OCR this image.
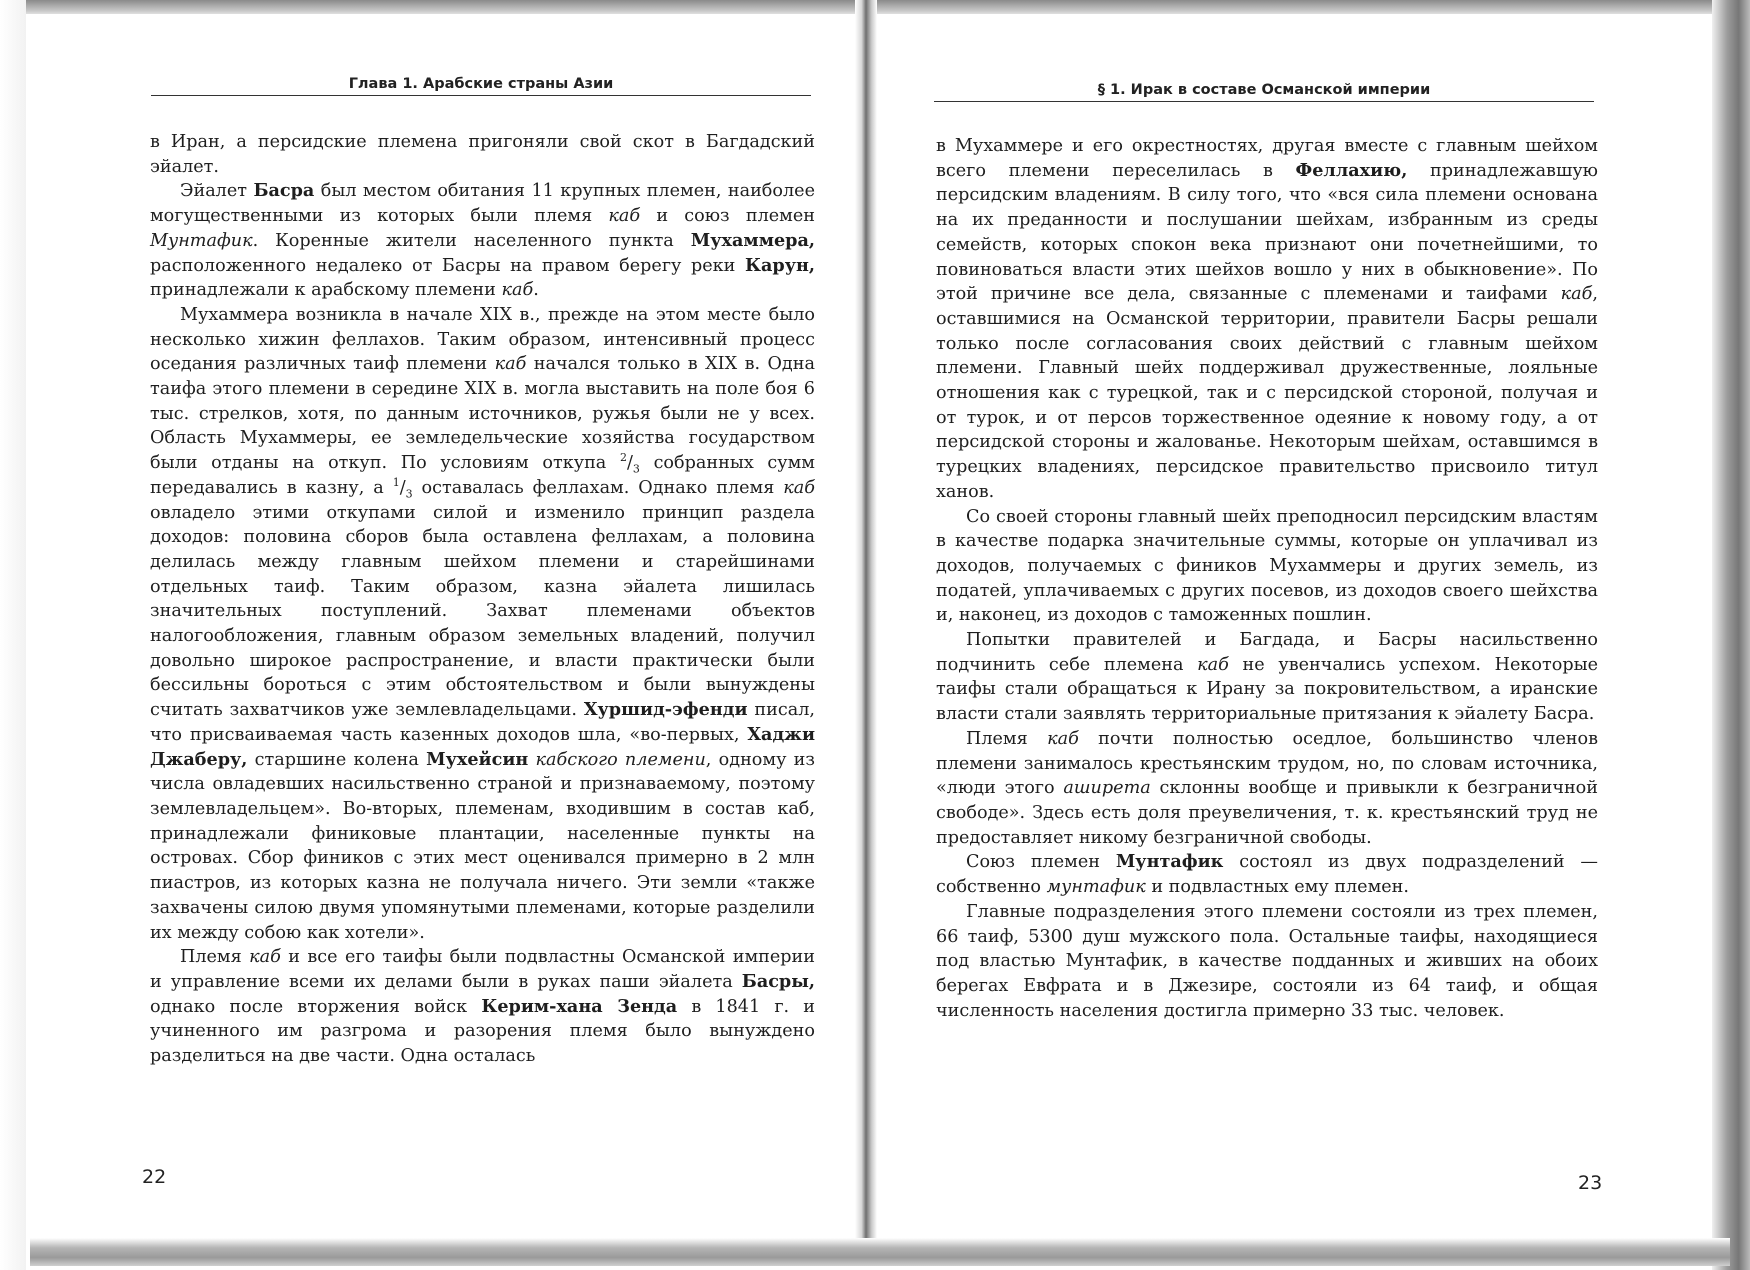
Глава 1. Арабские страны Азии

в Иран, а персидские племена пригоняли свой скот в Багдадский эйалет.

Эйалет Басра был местом обитания 11 крупных племен, наиболее могущественными из которых были племя каб и союз племен Мунтафик. Коренные жители населенного пункта Мухаммера, расположенного недалеко от Басры на правом берегу реки Карун, принадлежали к арабскому племени каб.

Мухаммера возникла в начале XIX в., прежде на этом месте было несколько хижин феллахов. Таким образом, интенсивный процесс оседания различных таиф племени каб начался только в XIX в. Одна таифа этого племени в середине XIX в. могла выставить на поле боя 6 тыс. стрелков, хотя, по данным источников, ружья были не у всех. Область Мухаммеры, ее земледельческие хозяйства государством были отданы на откуп. По условиям откупа $^2/_3$ собранных сумм передавались в казну, а $^1/_3$ оставалась феллахам. Однако племя каб овладело этими откупами силой и изменило принцип раздела доходов: половина сборов была оставлена феллахам, а половина делилась между главным шейхом племени и старейшинами отдельных таиф. Таким образом, казна эйалета лишилась значительных поступлений. Захват племенами объектов налогообложения, главным образом земельных владений, получил довольно широкое распространение, и власти практически были бессильны бороться с этим обстоятельством и были вынуждены считать захватчиков уже землевладельцами. Хуршид-эфенди писал, что присваиваемая часть казенных доходов шла, «во-первых, Хаджи Джаберу, старшине колена Мухейсин кабского племени, одному из числа овладевших насильственно страной и признаваемому, поэтому землевладельцем». Во-вторых, племенам, входившим в состав каб, принадлежали финиковые плантации, населенные пункты на островах. Сбор фиников с этих мест оценивался примерно в 2 млн пиастров, из которых казна не получала ничего. Эти земли «также захвачены силою двумя упомянутыми племенами, которые разделили их между собою как хотели».

Племя каб и все его таифы были подвластны Османской империи и управление всеми их делами были в руках паши эйалета Басры, однако после вторжения войск Керим-хана Зенда в 1841 г. и учиненного им разгрома и разорения племя было вынуждено разделиться на две части. Одна осталась

22
§ 1. Ирак в составе Османской империи

в Мухаммере и его окрестностях, другая вместе с главным шейхом всего племени переселилась в Феллахию, принадлежавшую персидским владениям. В силу того, что «вся сила племени основана на их преданности и послушании шейхам, избранным из среды семейств, которых спокон века признают они почетнейшими, то повиноваться власти этих шейхов вошло у них в обыкновение». По этой причине все дела, связанные с племенами и таифами каб, оставшимися на Османской территории, правители Басры решали только после согласования своих действий с главным шейхом племени. Главный шейх поддерживал дружественные, лояльные отношения как с турецкой, так и с персидской стороной, получая и от турок, и от персов торжественное одеяние к новому году, а от персидской стороны и жалованье. Некоторым шейхам, оставшимся в турецких владениях, персидское правительство присвоило титул ханов.

Со своей стороны главный шейх преподносил персидским властям в качестве подарка значительные суммы, которые он уплачивал из доходов, получаемых с фиников Мухаммеры и других земель, из податей, уплачиваемых с других посевов, из доходов своего шейхства и, наконец, из доходов с таможенных пошлин.

Попытки правителей и Багдада, и Басры насильственно подчинить себе племена каб не увенчались успехом. Некоторые таифы стали обращаться к Ирану за покровительством, а иранские власти стали заявлять территориальные притязания к эйалету Басра.

Племя каб почти полностью оседлое, большинство членов племени занималось крестьянским трудом, но, по словам источника, «люди этого аширета склонны вообще и привыкли к безграничной свободе». Здесь есть доля преувеличения, т. к. крестьянский труд не предоставляет никому безграничной свободы.

Союз племен Мунтафик состоял из двух подразделений — собственно мунтафик и подвластных ему племен.

Главные подразделения этого племени состояли из трех племен, 66 таиф, 5300 душ мужского пола. Остальные таифы, находящиеся под властью Мунтафик, в качестве подданных и живших на обоих берегах Евфрата и в Джезире, состояли из 64 таиф, и общая численность населения достигла примерно 33 тыс. человек.

23
